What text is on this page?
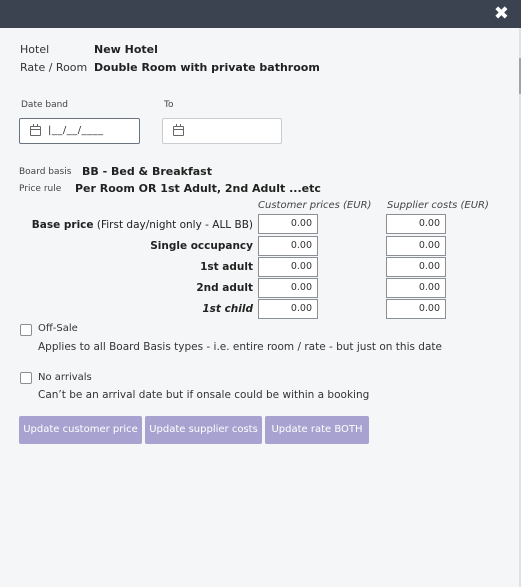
✖
Hotel	New Hotel
Rate / Room Double Room with private bathroom
Date band	To
|__/__/____
Board basis BB - Bed & Breakfast
Price rule Per Room OR 1st Adult, 2nd Adult ...etc
Customer prices (EUR) Supplier costs (EUR)
Base price (First day/night only - ALL BB)	0.00	0.00
Single occupancy	0.00	0.00
1st adult	0.00	0.00
2nd adult	0.00	0.00
1st child	0.00	0.00
Off-Sale
Applies to all Board Basis types - i.e. entire room / rate - but just on this date
No arrivals
Can’t be an arrival date but if onsale could be within a booking
Update customer price	Update supplier costs	Update rate BOTH
